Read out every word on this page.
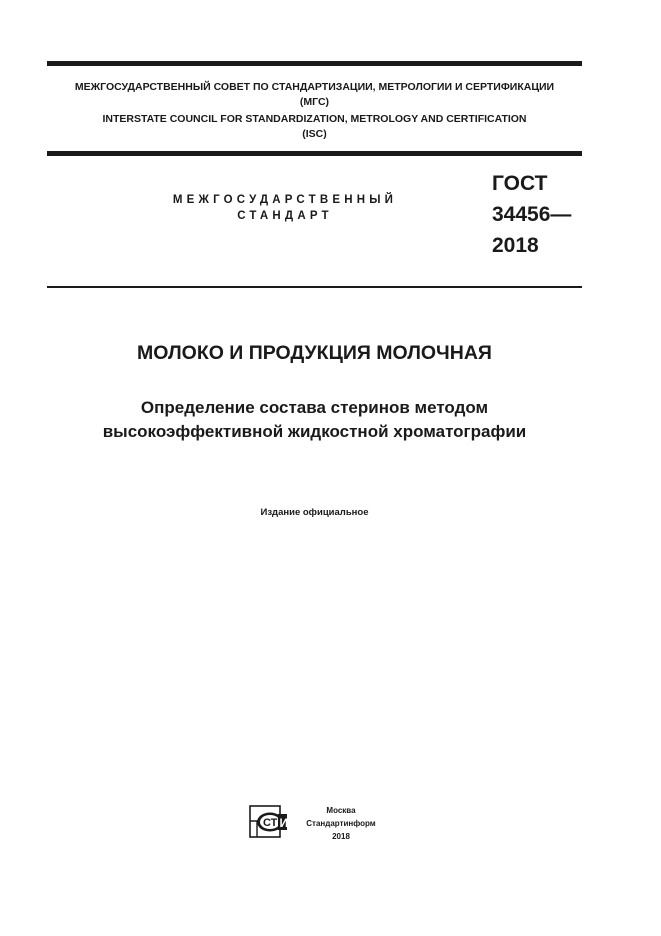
МЕЖГОСУДАРСТВЕННЫЙ СОВЕТ ПО СТАНДАРТИЗАЦИИ, МЕТРОЛОГИИ И СЕРТИФИКАЦИИ
(МГС)
INTERSTATE COUNCIL FOR STANDARDIZATION, METROLOGY AND CERTIFICATION
(ISC)
МЕЖГОСУДАРСТВЕННЫЙ
СТАНДАРТ
ГОСТ
34456—
2018
МОЛОКО И ПРОДУКЦИЯ МОЛОЧНАЯ
Определение состава стеринов методом
высокоэффективной жидкостной хроматографии
Издание официальное
СТ И
Москва
Стандартинформ
2018
